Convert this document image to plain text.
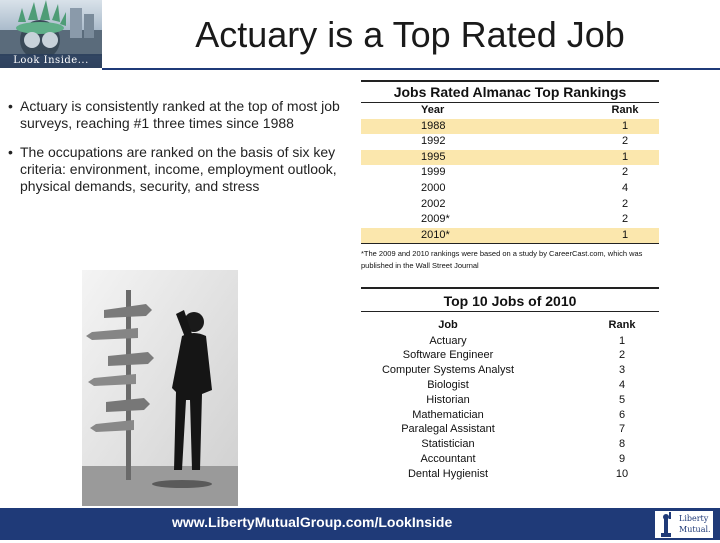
Look Inside...
Actuary is a Top Rated Job
• Actuary is consistently ranked at the top of most job surveys, reaching #1 three times since 1988
• The occupations are ranked on the basis of six key criteria: environment, income, employment outlook, physical demands, security, and stress
Jobs Rated Almanac Top Rankings
Year	Rank
1988	1
1992	2
1995	1
1999	2
2000	4
2002	2
2009*	2
2010*	1
*The 2009 and 2010 rankings were based on a study by CareerCast.com, which was published in the Wall Street Journal
Top 10 Jobs of 2010
Job	Rank
Actuary	1
Software Engineer	2
Computer Systems Analyst	3
Biologist	4
Historian	5
Mathematician	6
Paralegal Assistant	7
Statistician	8
Accountant	9
Dental Hygienist	10
www.LibertyMutualGroup.com/LookInside	Liberty Mutual.
